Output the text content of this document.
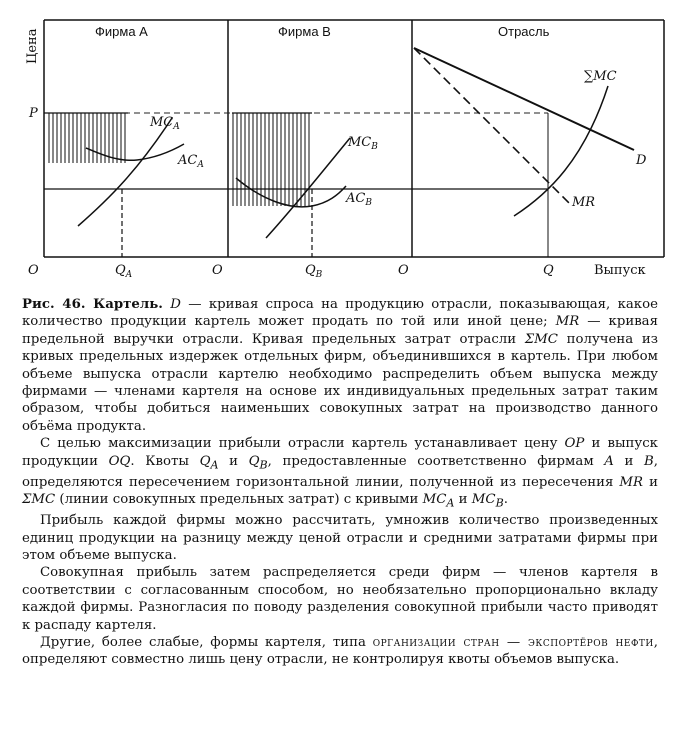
Фирма A	Фирма B	Отрасль
Цена
P
O	O	O
$Q_A$	$Q_B$	Q	Выпуск
$MC_A$
$AC_A$
$MC_B$
$AC_B$
∑MC
D
MR

Рис. 46. Картель. D — кривая спроса на продукцию отрасли, показывающая, какое количество продукции картель может продать по той или иной цене; MR — кривая предельной выручки отрасли. Кривая предельных затрат отрасли ΣMC получена из кривых предельных издержек отдельных фирм, объединившихся в картель. При любом объеме выпуска отрасли картелю необходимо распределить объем выпуска между фирмами — членами картеля на основе их индивидуальных предельных затрат таким образом, чтобы добиться наименьших совокупных затрат на производство данного объёма продукта.

С целью максимизации прибыли отрасли картель устанавливает цену OP и выпуск продукции OQ. Квоты $Q_A$ и $Q_B$, предоставленные соответственно фирмам A и B, определяются пересечением горизонтальной линии, полученной из пересечения MR и ΣMC (линии совокупных предельных затрат) с кривыми $MC_A$ и $MC_B$.

Прибыль каждой фирмы можно рассчитать, умножив количество произведенных единиц продукции на разницу между ценой отрасли и средними затратами фирмы при этом объеме выпуска.

Совокупная прибыль затем распределяется среди фирм — членов картеля в соответствии с согласованным способом, но необязательно пропорционально вкладу каждой фирмы. Разногласия по поводу разделения совокупной прибыли часто приводят к распаду картеля.

Другие, более слабые, формы картеля, типа организации стран — экспортёров нефти, определяют совместно лишь цену отрасли, не контролируя квоты объемов выпуска.
